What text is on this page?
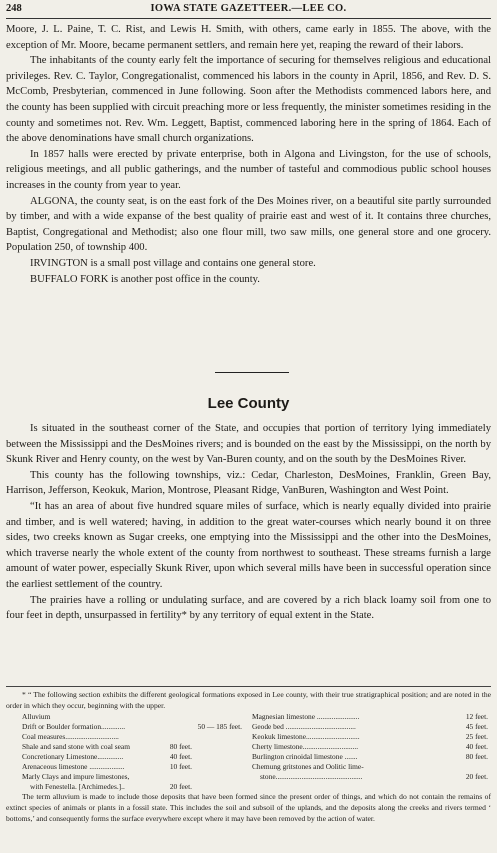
248	IOWA STATE GAZETTEER.—LEE CO.

Moore, J. L. Paine, T. C. Rist, and Lewis H. Smith, with others, came early in 1855. The above, with the exception of Mr. Moore, became permanent settlers, and remain here yet, reaping the reward of their labors.

The inhabitants of the county early felt the importance of securing for themselves religious and educational privileges. Rev. C. Taylor, Congregationalist, commenced his labors in the county in April, 1856, and Rev. D. S. McComb, Presbyterian, commenced in June following. Soon after the Methodists commenced labors here, and the county has been supplied with circuit preaching more or less frequently, the minister sometimes residing in the county and sometimes not. Rev. Wm. Leggett, Baptist, commenced laboring here in the spring of 1864. Each of the above denominations have small church organizations.

In 1857 halls were erected by private enterprise, both in Algona and Livingston, for the use of schools, religious meetings, and all public gatherings, and the number of tasteful and commodious public school houses increases in the county from year to year.

ALGONA, the county seat, is on the east fork of the Des Moines river, on a beautiful site partly surrounded by timber, and with a wide expanse of the best quality of prairie east and west of it. It contains three churches, Baptist, Congregational and Methodist; also one flour mill, two saw mills, one general store and one grocery. Population 250, of township 400.

IRVINGTON is a small post village and contains one general store.

BUFFALO FORK is another post office in the county.

Lee County

Is situated in the southeast corner of the State, and occupies that portion of territory lying immediately between the Mississippi and the DesMoines rivers; and is bounded on the east by the Mississippi, on the north by Skunk River and Henry county, on the west by Van-Buren county, and on the south by the DesMoines River.

This county has the following townships, viz.: Cedar, Charleston, DesMoines, Franklin, Green Bay, Harrison, Jefferson, Keokuk, Marion, Montrose, Pleasant Ridge, VanBuren, Washington and West Point.

“It has an area of about five hundred square miles of surface, which is nearly equally divided into prairie and timber, and is well watered; having, in addition to the great water-courses which nearly bound it on three sides, two creeks known as Sugar creeks, one emptying into the Mississippi and the other into the DesMoines, which traverse nearly the whole extent of the county from northwest to southeast. These streams furnish a large amount of water power, especially Skunk River, upon which several mills have been in successful operation since the earliest settlement of the country.

The prairies have a rolling or undulating surface, and are covered by a rich black loamy soil from one to four feet in depth, unsurpassed in fertility* by any territory of equal extent in the State.

* “ The following section exhibits the different geological formations exposed in Lee county, with their true stratigraphical position; and are noted in the order in which they occur, beginning with the upper.

Alluvium
Drift or Boulder formation.............	50 — 185 feet.
Coal measures.............................
Shale and sand stone with coal seam	80 feet.
Concretionary Limestone..............	40 feet.
Arenaceous limestone ...................	10 feet.
Marly Clays and impure limestones,
with Fenestella. [Archimedes.]..	20 feet.
Magnesian limestone .......................	12 feet.
Geode bed ......................................	45 feet.
Keokuk limestone.............................	25 feet.
Cherty limestone..............................	40 feet.
Burlington crinoidal limestone .......	80 feet.
Chemung gritstones and Oolitic lime-
stone...............................................	20 feet.

The term alluvium is made to include those deposits that have been formed since the present order of things, and which do not contain the remains of extinct species of animals or plants in a fossil state. This includes the soil and subsoil of the uplands, and the deposits along the creeks and rivers termed ‘ bottoms,’ and consequently forms the surface everywhere except where it may have been removed by the action of water.
